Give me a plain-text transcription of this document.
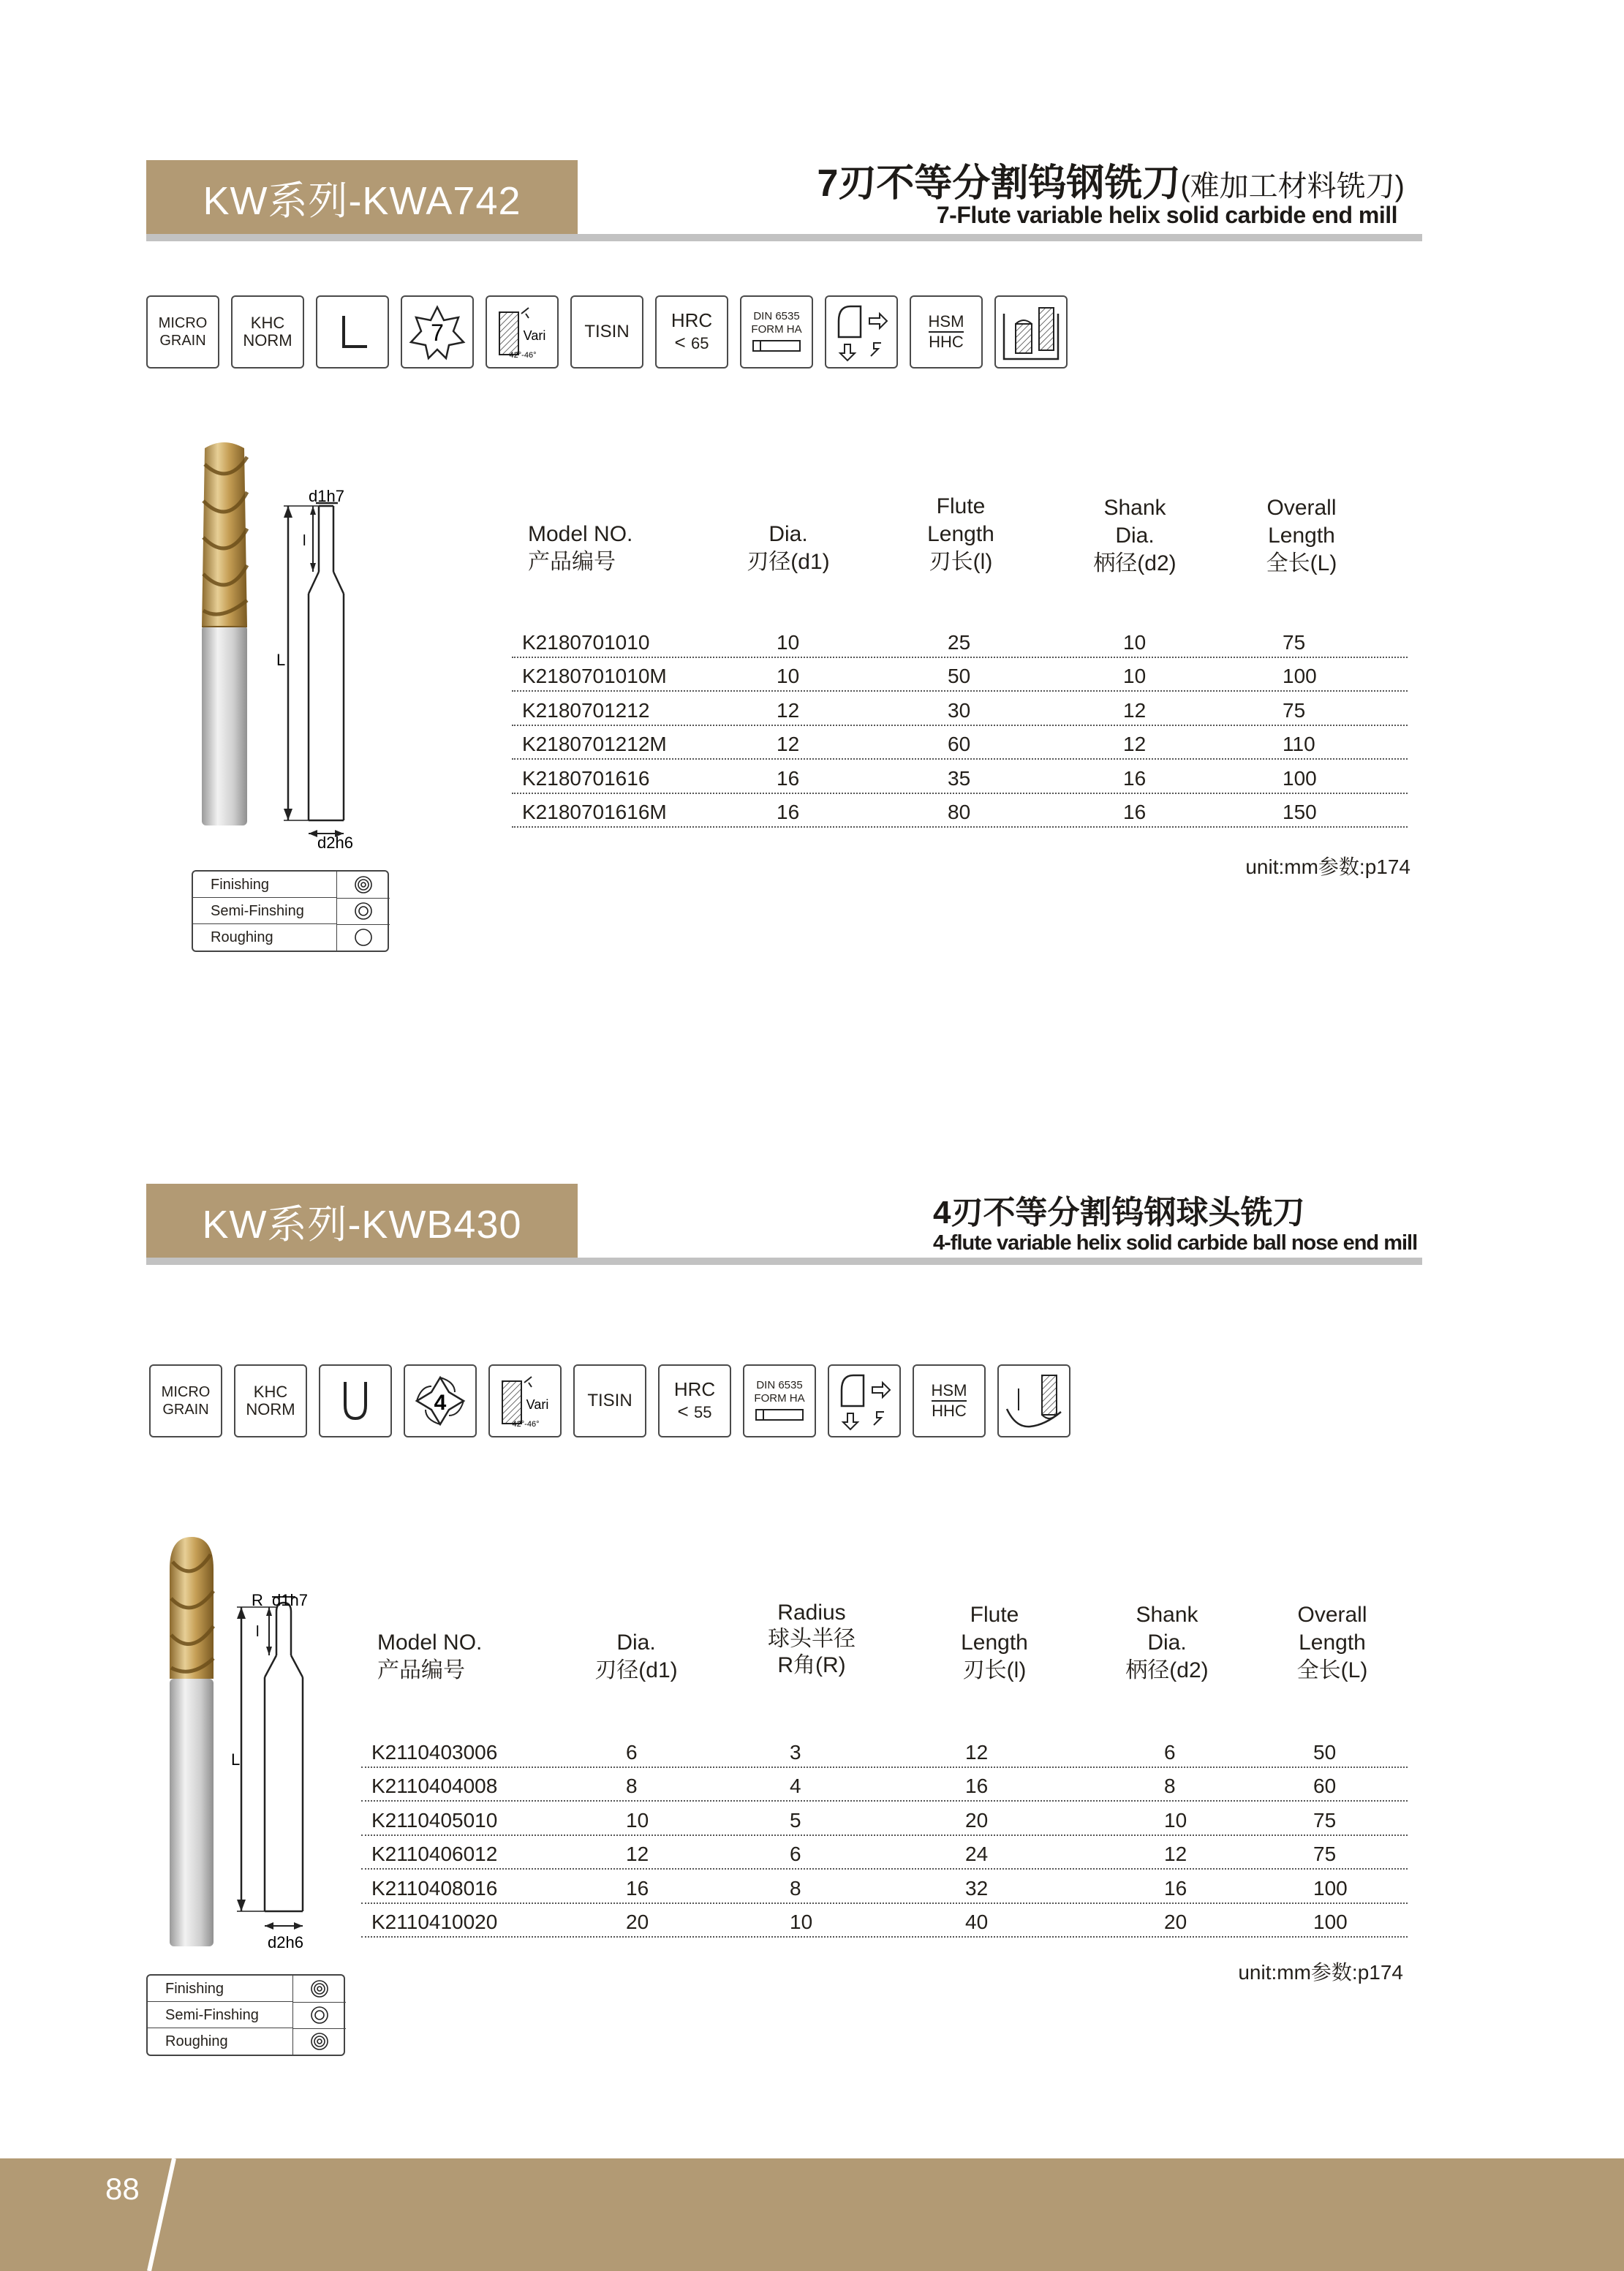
KW系列-KWA742	7刃不等分割钨钢铣刀(难加工材料铣刀)
7-Flute variable helix solid carbide end mill
MICRO
GRAIN
KHC
NORM	7	Vari
42°-46°
TISIN
HRC
< 65
DIN 6535
FORM HA	HSM
HHC
d1h7
l
L
d2h6
Model NO.
产品编号
Dia.
刃径(d1)
Flute
Length
刃长(l)
Shank
Dia.
柄径(d2)
Overall
Length
全长(L)
K2180701010	10	25	10	75
K2180701010M	10	50	10	100
K2180701212	12	30	12	75
K2180701212M	12	60	12	110
K2180701616	16	35	16	100
K2180701616M	16	80	16	150
unit:mm参数:p174
Finishing
Semi-Finshing
Roughing
KW系列-KWB430	4刃不等分割钨钢球头铣刀
4-flute variable helix solid carbide ball nose end mill
MICRO
GRAIN
KHC
NORM	4	Vari
42°-46°
TISIN
HRC
< 55
DIN 6535
FORM HA	HSM
HHC
R d1h7
l
L
d2h6
Model NO.
产品编号
Dia.
刃径(d1)
Radius
球头半径
R角(R)
Flute
Length
刃长(l)
Shank
Dia.
柄径(d2)
Overall
Length
全长(L)
K2110403006	6	3	12	6	50
K2110404008	8	4	16	8	60
K2110405010	10	5	20	10	75
K2110406012	12	6	24	12	75
K2110408016	16	8	32	16	100
K2110410020	20	10	40	20	100
unit:mm参数:p174
Finishing
Semi-Finshing
Roughing
88
